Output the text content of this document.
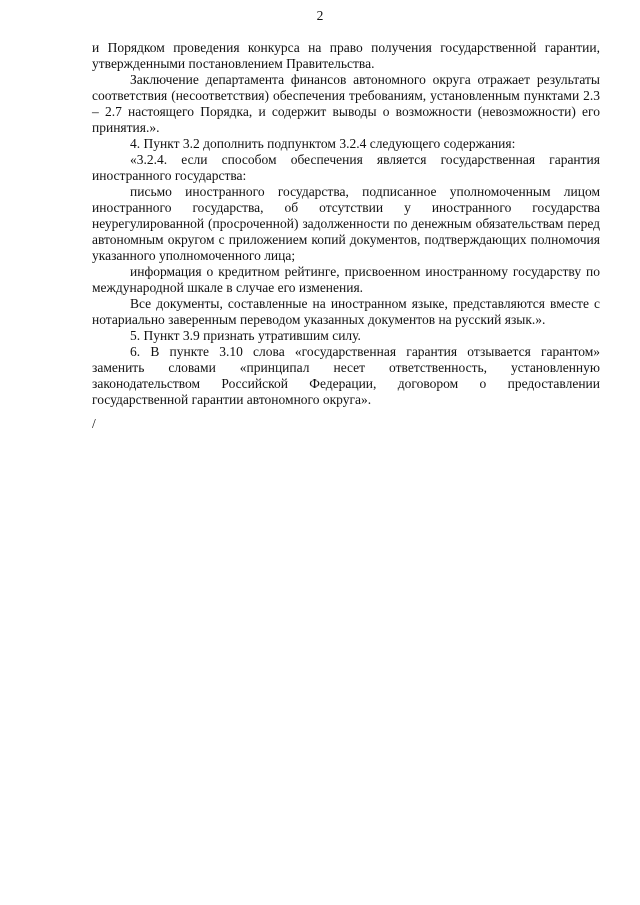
2

и Порядком проведения конкурса на право получения государственной гарантии, утвержденными постановлением Правительства.

Заключение департамента финансов автономного округа отражает результаты соответствия (несоответствия) обеспечения требованиям, установленным пунктами 2.3 – 2.7 настоящего Порядка, и содержит выводы о возможности (невозможности) его принятия.».

4. Пункт 3.2 дополнить подпунктом 3.2.4 следующего содержания:

«3.2.4. если способом обеспечения является государственная гарантия иностранного государства:

письмо иностранного государства, подписанное уполномоченным лицом иностранного государства, об отсутствии у иностранного государства неурегулированной (просроченной) задолженности по денежным обязательствам перед автономным округом с приложением копий документов, подтверждающих полномочия указанного уполномоченного лица;

информация о кредитном рейтинге, присвоенном иностранному государству по международной шкале в случае его изменения.

Все документы, составленные на иностранном языке, представляются вместе с нотариально заверенным переводом указанных документов на русский язык.».

5. Пункт 3.9 признать утратившим силу.

6. В пункте 3.10 слова «государственная гарантия отзывается гарантом» заменить словами «принципал несет ответственность, установленную законодательством Российской Федерации, договором о предоставлении государственной гарантии автономного округа».

/
